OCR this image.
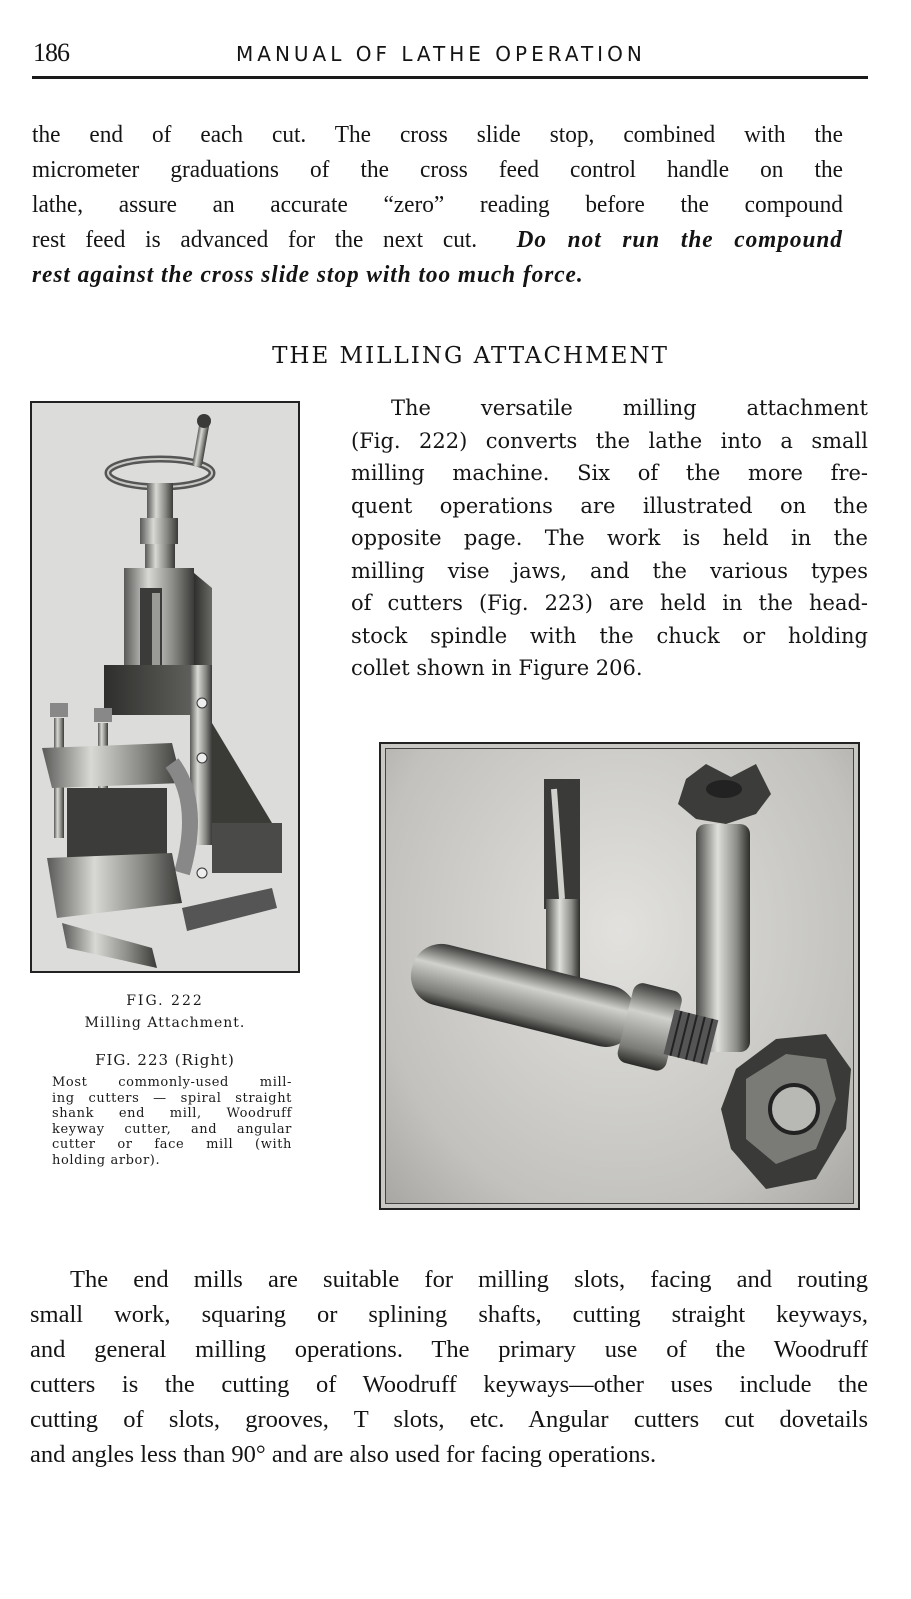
186	MANUAL OF LATHE OPERATION
the end of each cut. The cross slide stop, combined with the
micrometer graduations of the cross feed control handle on the
lathe, assure an accurate “zero” reading before the compound
rest feed is advanced for the next cut. Do not run the compound
rest against the cross slide stop with too much force.
THE MILLING ATTACHMENT
The versatile milling attachment
(Fig. 222) converts the lathe into a small
milling machine. Six of the more fre-
quent operations are illustrated on the
opposite page. The work is held in the
milling vise jaws, and the various types
of cutters (Fig. 223) are held in the head-
stock spindle with the chuck or holding
collet shown in Figure 206.
FIG. 222
Milling Attachment.
FIG. 223 (Right)
Most commonly-used mill-
ing cutters — spiral straight
shank end mill, Woodruff
keyway cutter, and angular
cutter or face mill (with
holding arbor).
The end mills are suitable for milling slots, facing and routing
small work, squaring or splining shafts, cutting straight keyways,
and general milling operations. The primary use of the Woodruff
cutters is the cutting of Woodruff keyways—other uses include the
cutting of slots, grooves, T slots, etc. Angular cutters cut dovetails
and angles less than 90° and are also used for facing operations.
